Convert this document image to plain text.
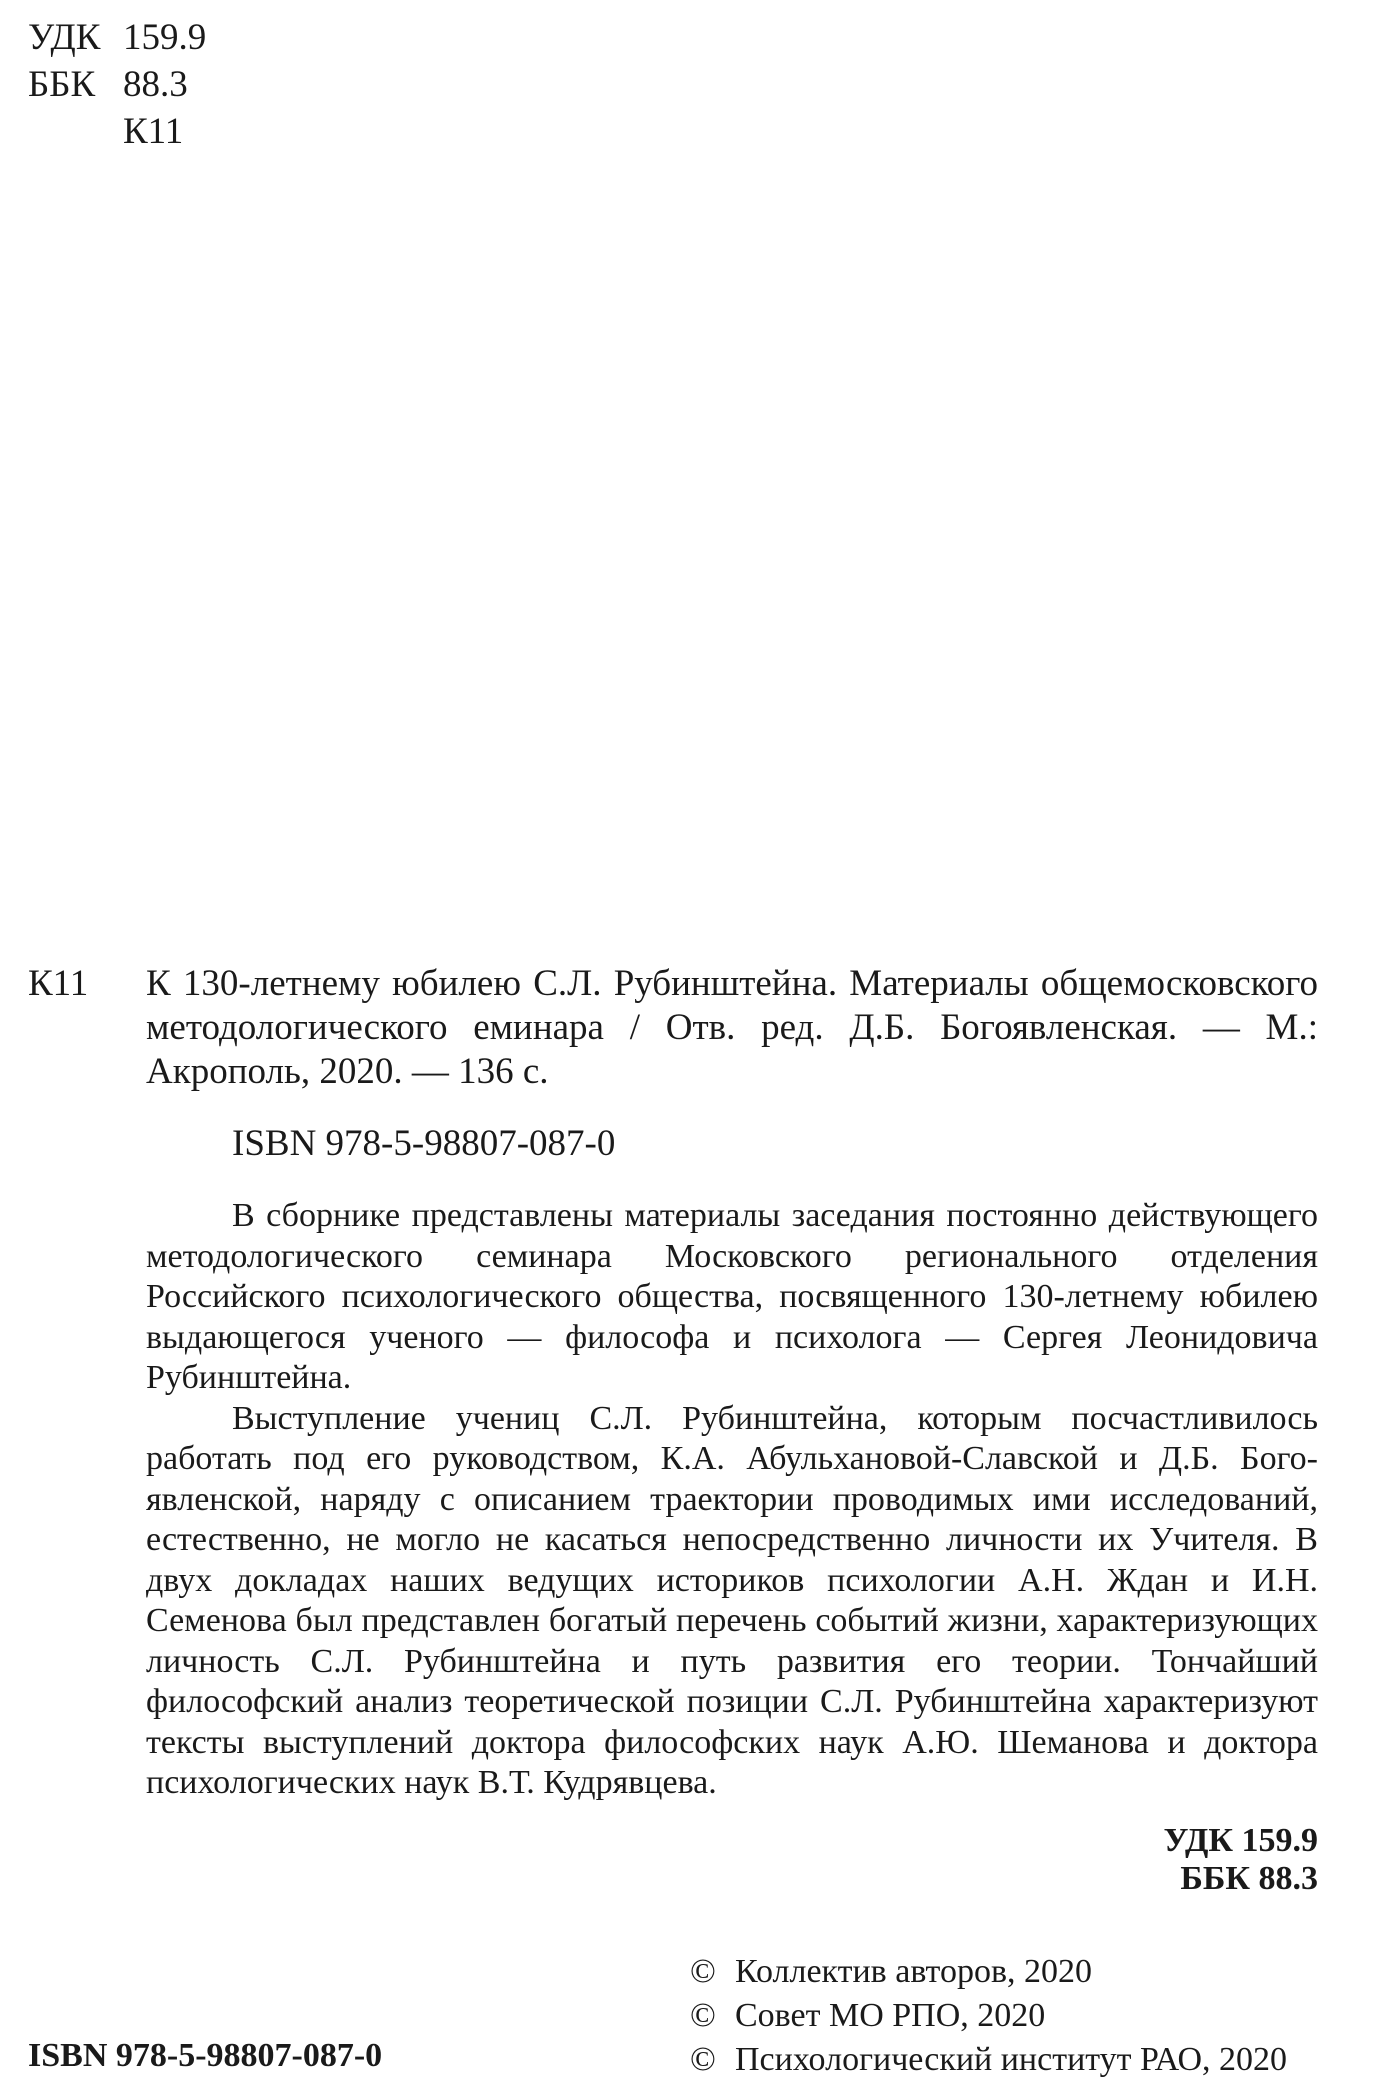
УДК 159.9
ББК 88.3
К11
К11 К 130-летнему юбилею С.Л. Рубинштейна. Материалы общемосковского методологического еминара / Отв. ред. Д.Б. Богоявленская. — М.: Акрополь, 2020. — 136 с.

ISBN 978-5-98807-087-0

В сборнике представлены материалы заседания постоянно действующего методологического семинара Московского регионального отделения Российского психологического общества, посвященного 130-летнему юбилею выдающегося ученого — философа и психолога — Сергея Леонидовича Рубинштейна.

Выступление учениц С.Л. Рубинштейна, которым посчастливилось работать под его руководством, К.А. Абульхановой-Славской и Д.Б. Богоявленской, наряду с описанием траектории проводимых ими исследований, естественно, не могло не касаться непосредственно личности их Учителя. В двух докладах наших ведущих историков психологии А.Н. Ждан и И.Н. Семенова был представлен богатый перечень событий жизни, характеризующих личность С.Л. Рубинштейна и путь развития его теории. Тончайший философский анализ теоретической позиции С.Л. Рубинштейна характеризуют тексты выступлений доктора философских наук А.Ю. Шеманова и доктора психологических наук В.Т. Кудрявцева.

УДК 159.9
ББК 88.3
© Коллектив авторов, 2020
© Совет МО РПО, 2020
© Психологический институт РАО, 2020
ISBN 978-5-98807-087-0
